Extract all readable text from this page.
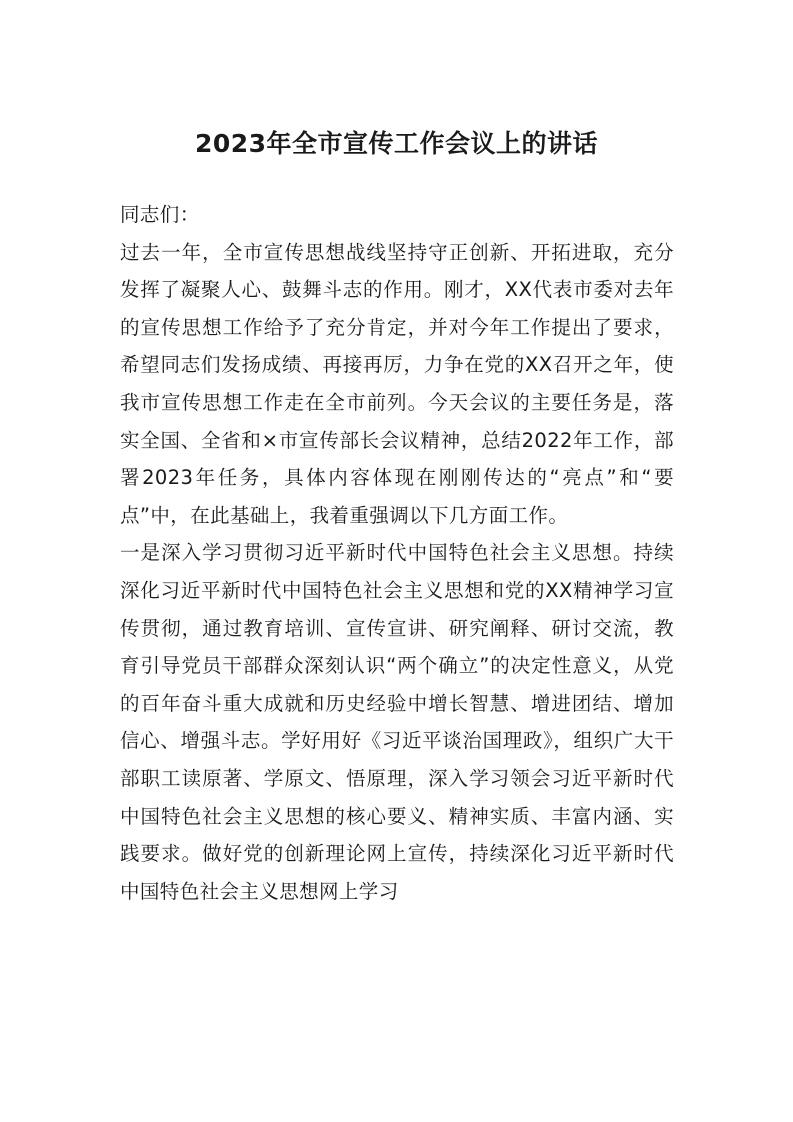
2023年全市宣传工作会议上的讲话

同志们：

过去一年，全市宣传思想战线坚持守正创新、开拓进取，充分发挥了凝聚人心、鼓舞斗志的作用。刚才，XX代表市委对去年的宣传思想工作给予了充分肯定，并对今年工作提出了要求，希望同志们发扬成绩、再接再厉，力争在党的XX召开之年，使我市宣传思想工作走在全市前列。今天会议的主要任务是，落实全国、全省和×市宣传部长会议精神，总结2022年工作，部署2023年任务，具体内容体现在刚刚传达的“亮点”和“要点”中，在此基础上，我着重强调以下几方面工作。

一是深入学习贯彻习近平新时代中国特色社会主义思想。持续深化习近平新时代中国特色社会主义思想和党的XX精神学习宣传贯彻，通过教育培训、宣传宣讲、研究阐释、研讨交流，教育引导党员干部群众深刻认识“两个确立”的决定性意义，从党的百年奋斗重大成就和历史经验中增长智慧、增进团结、增加信心、增强斗志。学好用好《习近平谈治国理政》，组织广大干部职工读原著、学原文、悟原理，深入学习领会习近平新时代中国特色社会主义思想的核心要义、精神实质、丰富内涵、实践要求。做好党的创新理论网上宣传，持续深化习近平新时代中国特色社会主义思想网上学习
